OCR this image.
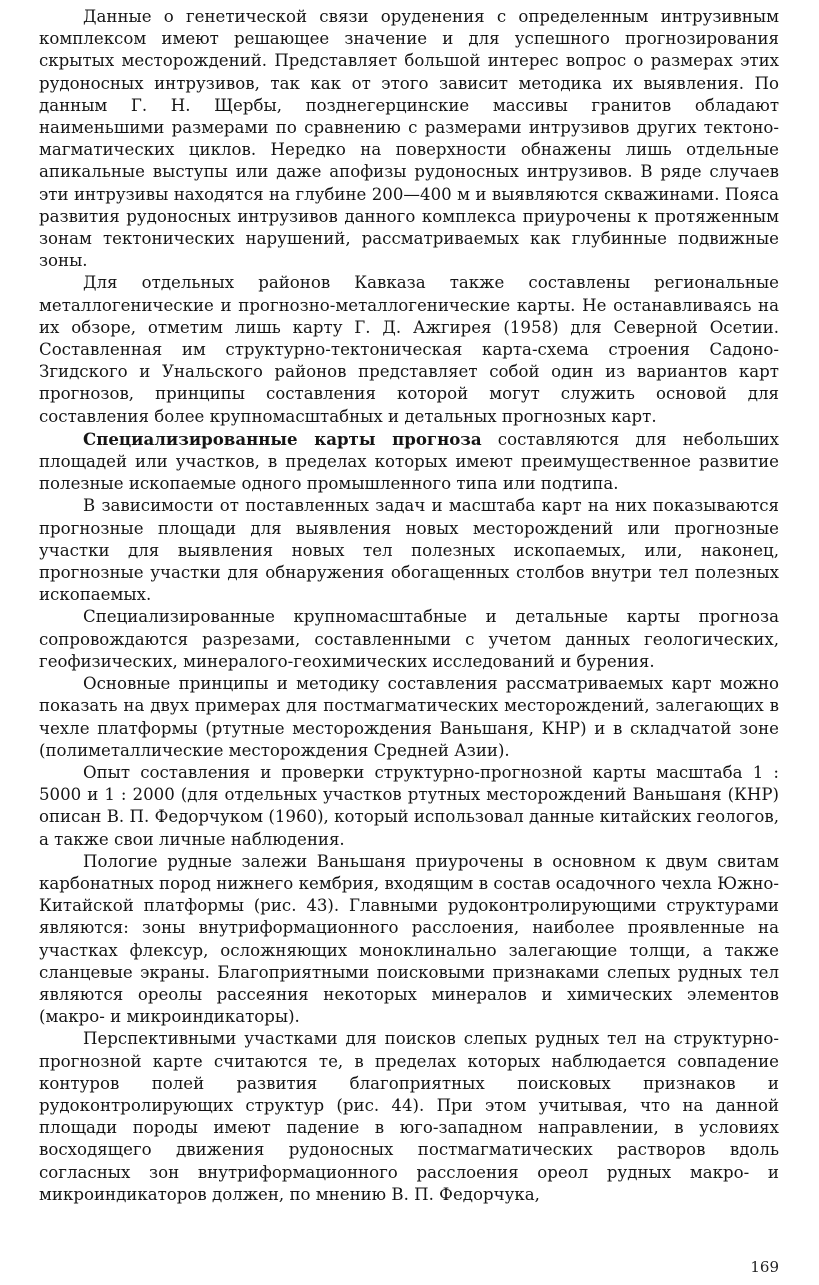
Данные о генетической связи оруденения с определенным интрузивным комплексом имеют решающее значение и для успешного прогнозирования скрытых месторождений. Представляет большой интерес вопрос о размерах этих рудоносных интрузивов, так как от этого зависит методика их выявления. По данным Г. Н. Щербы, позднегерцинские массивы гранитов обладают наименьшими размерами по сравнению с размерами интрузивов других тектоно-магматических циклов. Нередко на поверхности обнажены лишь отдельные апикальные выступы или даже апофизы рудоносных интрузивов. В ряде случаев эти интрузивы находятся на глубине 200—400 м и выявляются скважинами. Пояса развития рудоносных интрузивов данного комплекса приурочены к протяженным зонам тектонических нарушений, рассматриваемых как глубинные подвижные зоны.

Для отдельных районов Кавказа также составлены региональные металлогенические и прогнозно-металлогенические карты. Не останавливаясь на их обзоре, отметим лишь карту Г. Д. Ажгирея (1958) для Северной Осетии. Составленная им структурно-тектоническая карта-схема строения Садоно-Згидского и Унальского районов представляет собой один из вариантов карт прогнозов, принципы составления которой могут служить основой для составления более крупномасштабных и детальных прогнозных карт.

Специализированные карты прогноза составляются для небольших площадей или участков, в пределах которых имеют преимущественное развитие полезные ископаемые одного промышленного типа или подтипа.

В зависимости от поставленных задач и масштаба карт на них показываются прогнозные площади для выявления новых месторождений или прогнозные участки для выявления новых тел полезных ископаемых, или, наконец, прогнозные участки для обнаружения обогащенных столбов внутри тел полезных ископаемых.

Специализированные крупномасштабные и детальные карты прогноза сопровождаются разрезами, составленными с учетом данных геологических, геофизических, минералого-геохимических исследований и бурения.

Основные принципы и методику составления рассматриваемых карт можно показать на двух примерах для постмагматических месторождений, залегающих в чехле платформы (ртутные месторождения Ваньшаня, КНР) и в складчатой зоне (полиметаллические месторождения Средней Азии).

Опыт составления и проверки структурно-прогнозной карты масштаба 1 : 5000 и 1 : 2000 (для отдельных участков ртутных месторождений Ваньшаня (КНР) описан В. П. Федорчуком (1960), который использовал данные китайских геологов, а также свои личные наблюдения.

Пологие рудные залежи Ваньшаня приурочены в основном к двум свитам карбонатных пород нижнего кембрия, входящим в состав осадочного чехла Южно-Китайской платформы (рис. 43). Главными рудоконтролирующими структурами являются: зоны внутриформационного расслоения, наиболее проявленные на участках флексур, осложняющих моноклинально залегающие толщи, а также сланцевые экраны. Благоприятными поисковыми признаками слепых рудных тел являются ореолы рассеяния некоторых минералов и химических элементов (макро- и микроиндикаторы).

Перспективными участками для поисков слепых рудных тел на структурно-прогнозной карте считаются те, в пределах которых наблюдается совпадение контуров полей развития благоприятных поисковых признаков и рудоконтролирующих структур (рис. 44). При этом учитывая, что на данной площади породы имеют падение в юго-западном направлении, в условиях восходящего движения рудоносных постмагматических растворов вдоль согласных зон внутриформационного расслоения ореол рудных макро- и микроиндикаторов должен, по мнению В. П. Федорчука,

169
